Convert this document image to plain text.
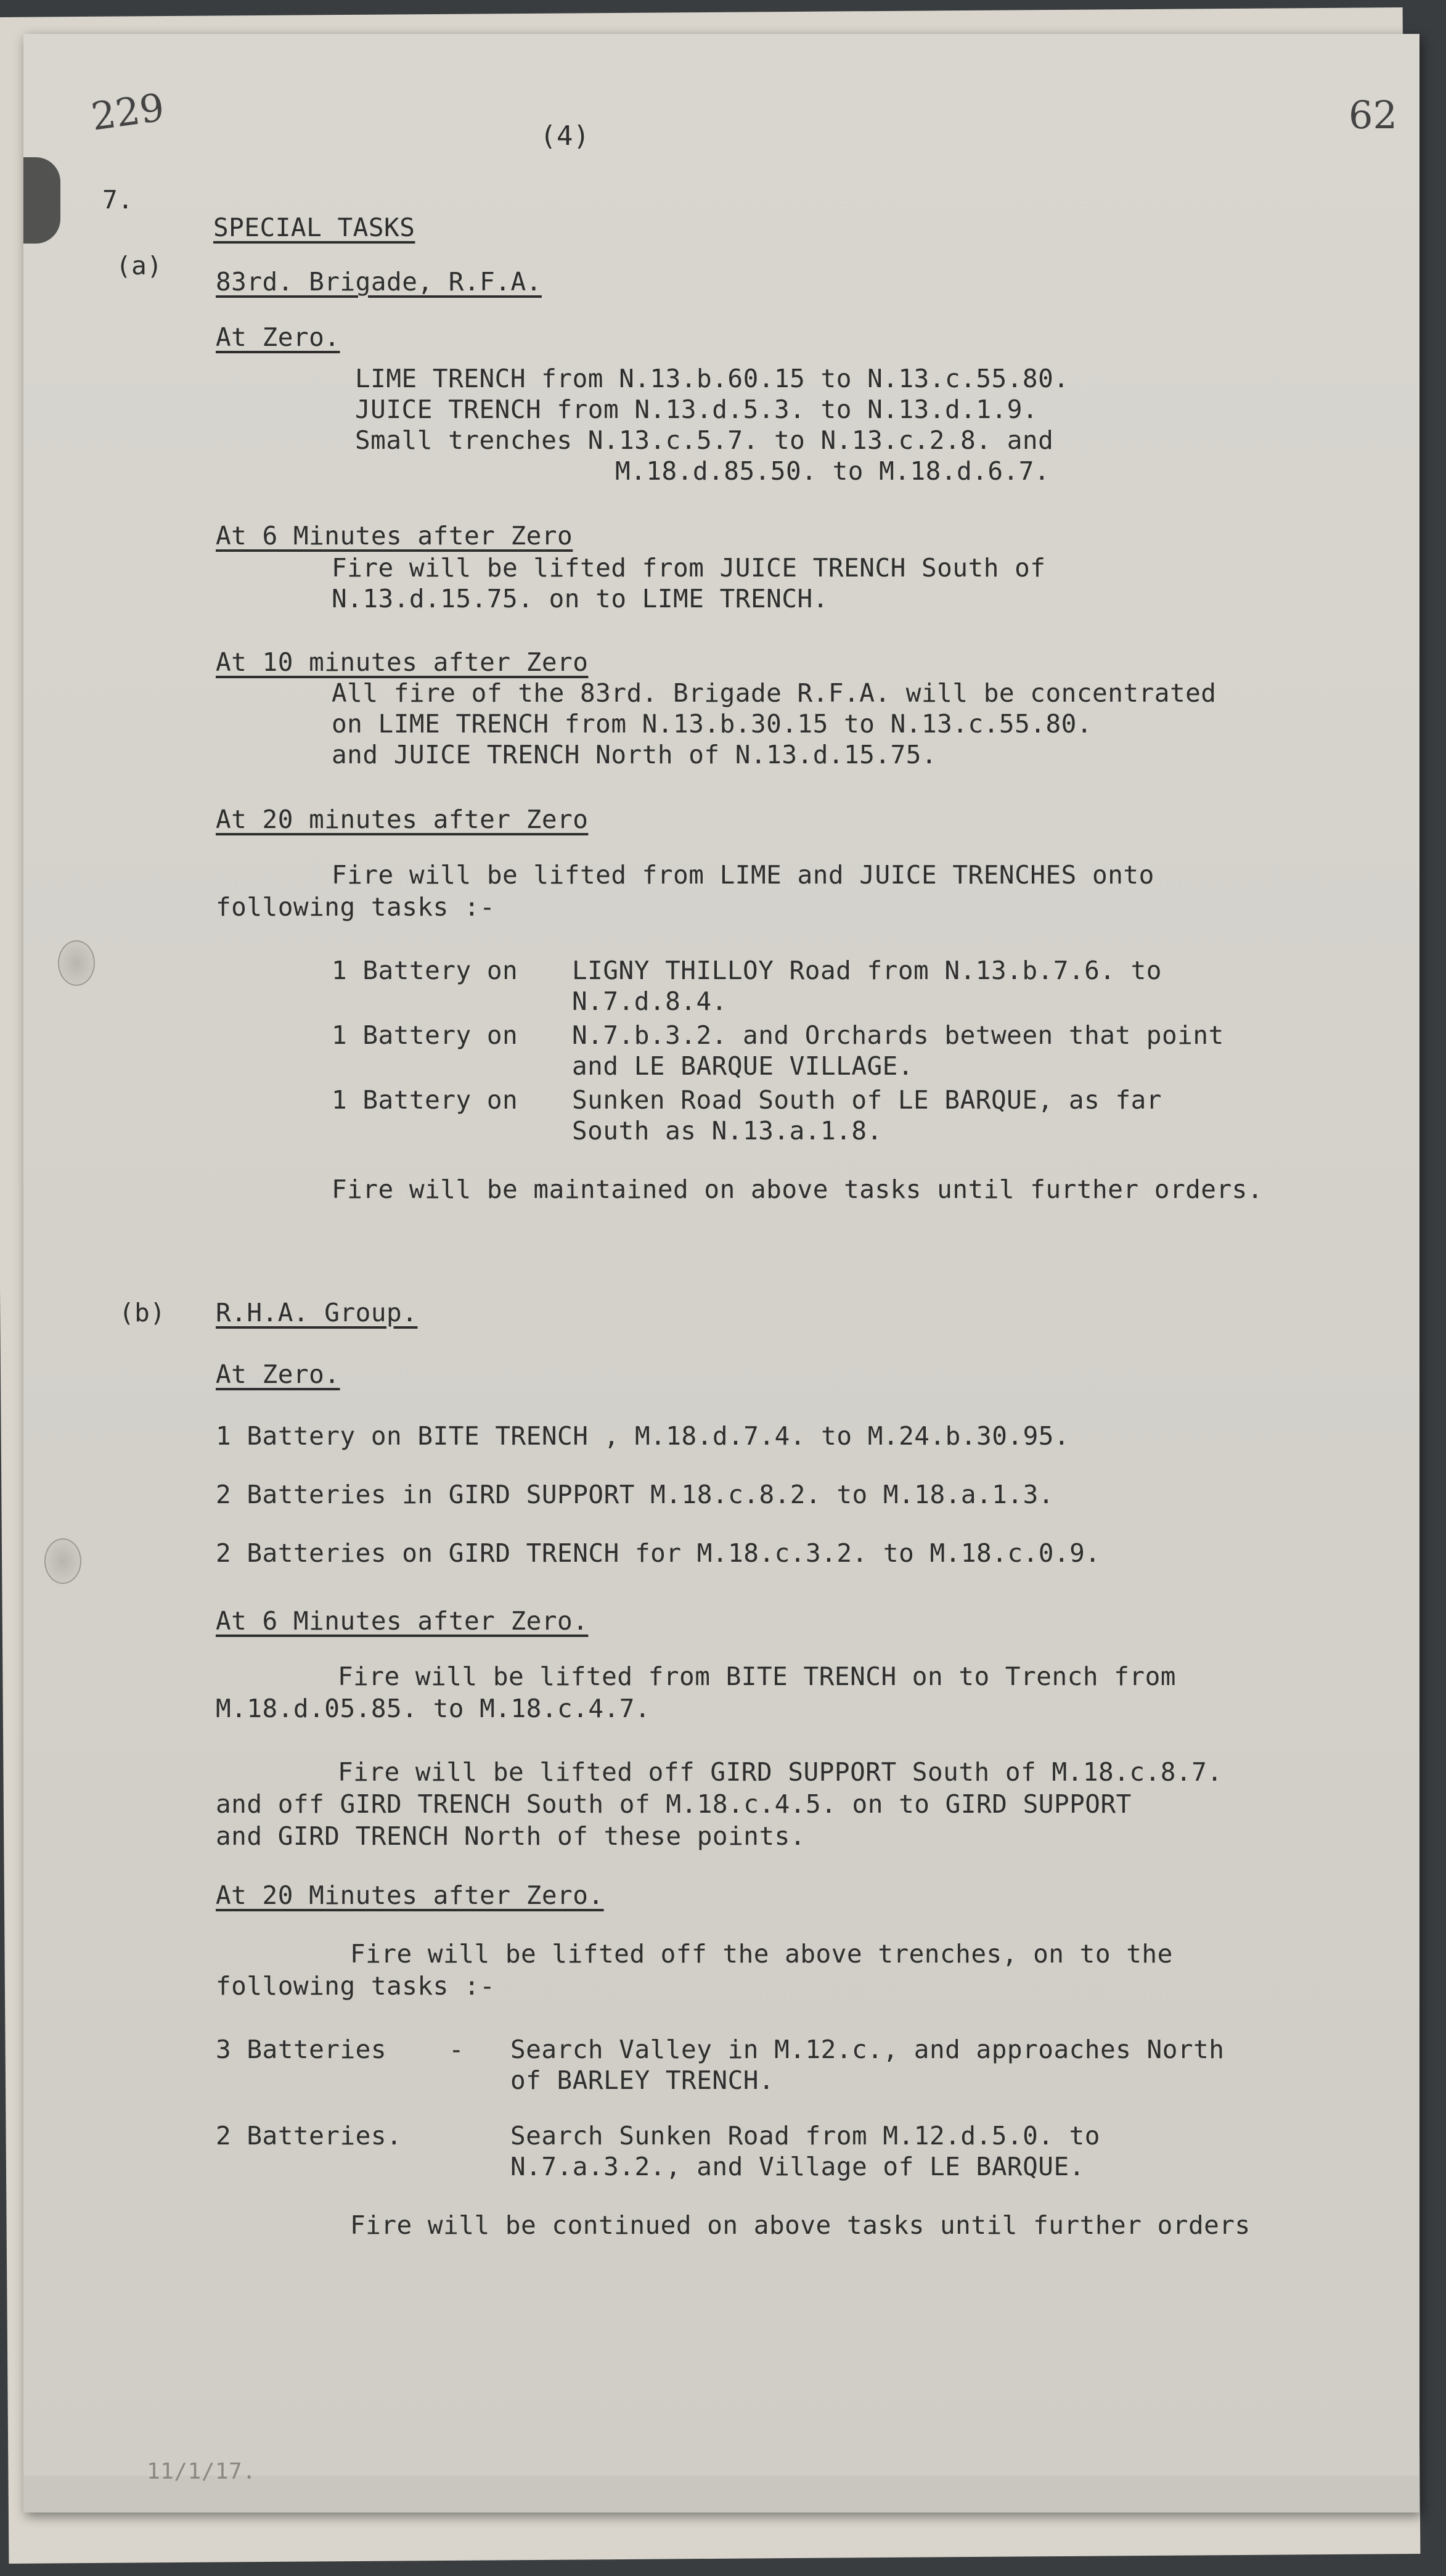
229	62
(4)
7.
SPECIAL TASKS
(a)
83rd. Brigade, R.F.A.
At Zero.
LIME TRENCH from N.13.b.60.15 to N.13.c.55.80.
JUICE TRENCH from N.13.d.5.3. to N.13.d.1.9.
Small trenches N.13.c.5.7. to N.13.c.2.8. and
M.18.d.85.50. to M.18.d.6.7.
At 6 Minutes after Zero
Fire will be lifted from JUICE TRENCH South of
N.13.d.15.75. on to LIME TRENCH.
At 10 minutes after Zero
All fire of the 83rd. Brigade R.F.A. will be concentrated
on LIME TRENCH from N.13.b.30.15 to N.13.c.55.80.
and JUICE TRENCH North of N.13.d.15.75.
At 20 minutes after Zero
Fire will be lifted from LIME and JUICE TRENCHES onto
following tasks :-
1 Battery on LIGNY THILLOY Road from N.13.b.7.6. to
N.7.d.8.4.
1 Battery on N.7.b.3.2. and Orchards between that point
and LE BARQUE VILLAGE.
1 Battery on Sunken Road South of LE BARQUE, as far
South as N.13.a.1.8.
Fire will be maintained on above tasks until further orders.
(b) R.H.A. Group.
At Zero.
1 Battery on BITE TRENCH , M.18.d.7.4. to M.24.b.30.95.
2 Batteries in GIRD SUPPORT M.18.c.8.2. to M.18.a.1.3.
2 Batteries on GIRD TRENCH for M.18.c.3.2. to M.18.c.0.9.
At 6 Minutes after Zero.
Fire will be lifted from BITE TRENCH on to Trench from
M.18.d.05.85. to M.18.c.4.7.
Fire will be lifted off GIRD SUPPORT South of M.18.c.8.7.
and off GIRD TRENCH South of M.18.c.4.5. on to GIRD SUPPORT
and GIRD TRENCH North of these points.
At 20 Minutes after Zero.
Fire will be lifted off the above trenches, on to the
following tasks :-
3 Batteries - Search Valley in M.12.c., and approaches North
of BARLEY TRENCH.
2 Batteries.	Search Sunken Road from M.12.d.5.0. to
N.7.a.3.2., and Village of LE BARQUE.
Fire will be continued on above tasks until further orders
11/1/17.
